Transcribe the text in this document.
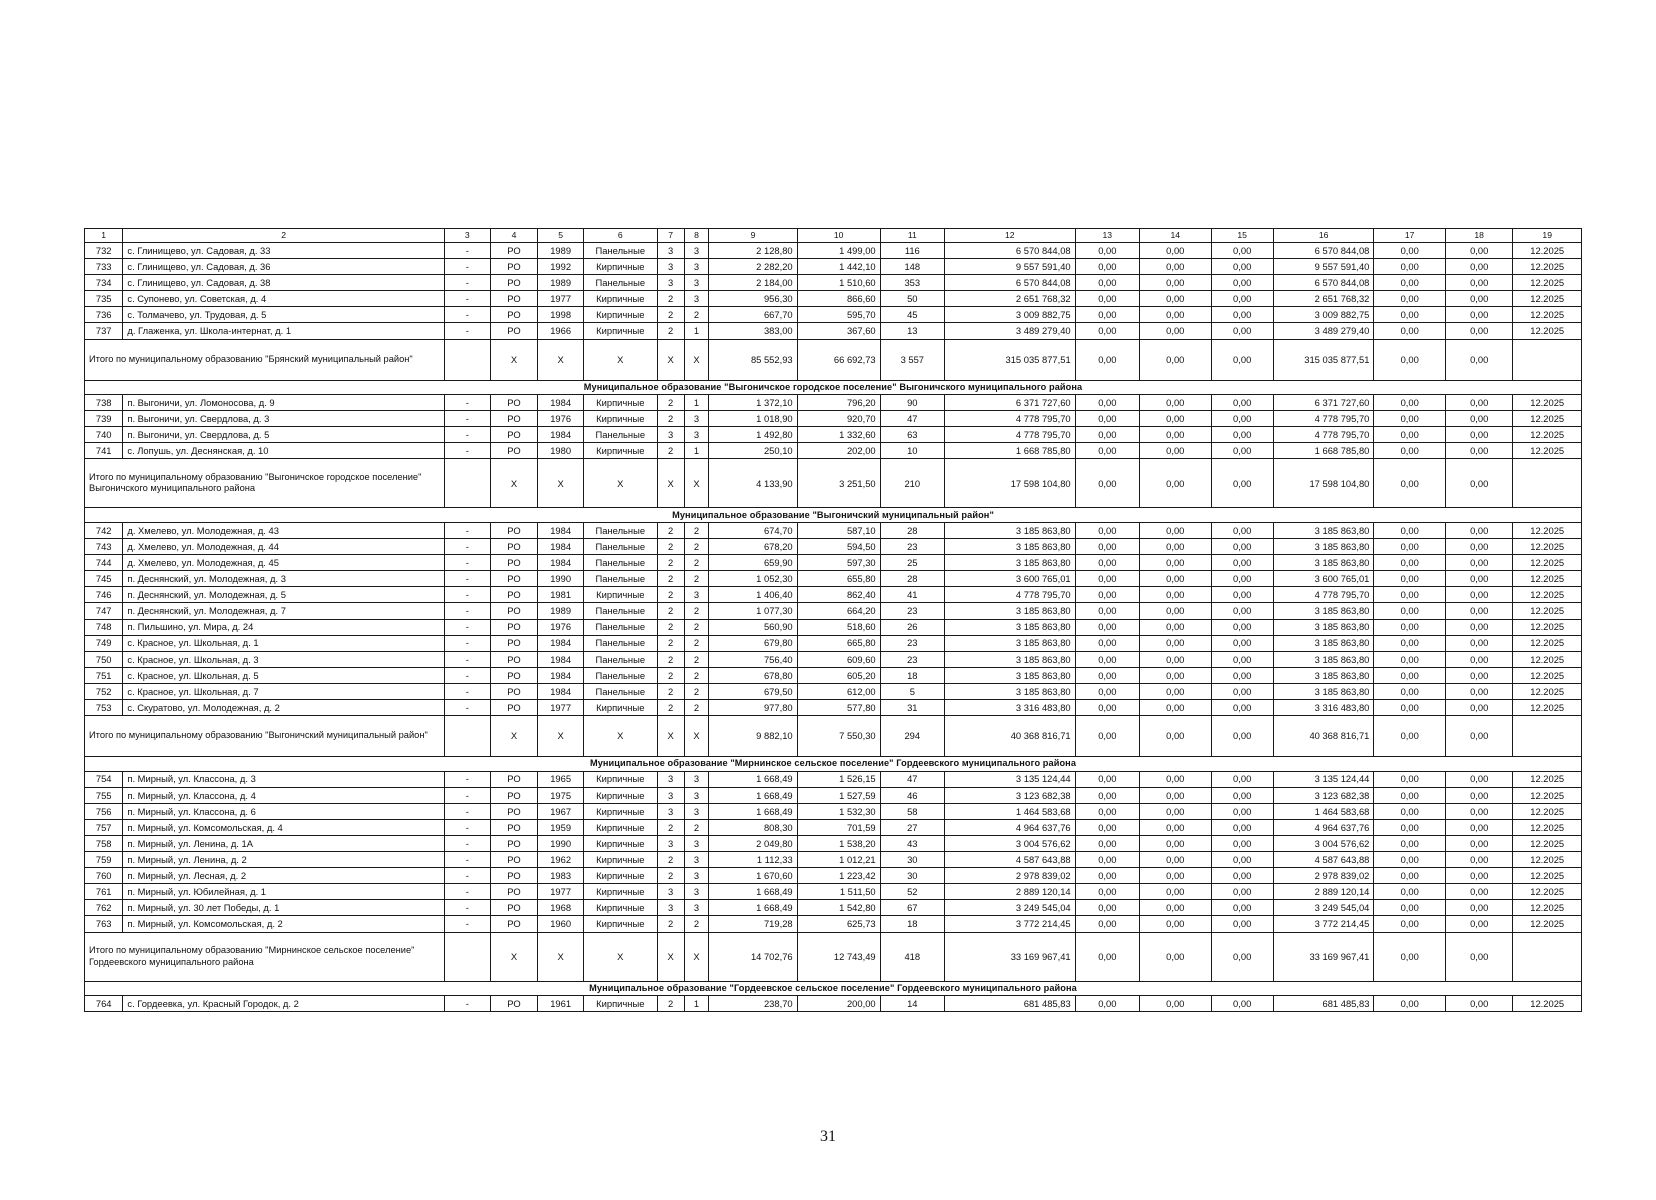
1	2	3	4	5	6	7	8	9	10	11	12	13	14	15	16	17	18	19
732	с. Глинищево, ул. Садовая, д. 33	-	РО	1989	Панельные	3	3	2 128,80	1 499,00	116	6 570 844,08	0,00	0,00	0,00	6 570 844,08	0,00	0,00	12.2025
733	с. Глинищево, ул. Садовая, д. 36	-	РО	1992	Кирпичные	3	3	2 282,20	1 442,10	148	9 557 591,40	0,00	0,00	0,00	9 557 591,40	0,00	0,00	12.2025
734	с. Глинищево, ул. Садовая, д. 38	-	РО	1989	Панельные	3	3	2 184,00	1 510,60	353	6 570 844,08	0,00	0,00	0,00	6 570 844,08	0,00	0,00	12.2025
735	с. Супонево, ул. Советская, д. 4	-	РО	1977	Кирпичные	2	3	956,30	866,60	50	2 651 768,32	0,00	0,00	0,00	2 651 768,32	0,00	0,00	12.2025
736	с. Толмачево, ул. Трудовая, д. 5	-	РО	1998	Кирпичные	2	2	667,70	595,70	45	3 009 882,75	0,00	0,00	0,00	3 009 882,75	0,00	0,00	12.2025
737	д. Глаженка, ул. Школа-интернат, д. 1	-	РО	1966	Кирпичные	2	1	383,00	367,60	13	3 489 279,40	0,00	0,00	0,00	3 489 279,40	0,00	0,00	12.2025
Итого по муниципальному образованию "Брянский муниципальный район"			X	X	X	X	X	85 552,93	66 692,73	3 557	315 035 877,51	0,00	0,00	0,00	315 035 877,51	0,00	0,00	
Муниципальное образование "Выгоничское городское поселение" Выгоничского муниципального района																		
738	п. Выгоничи, ул. Ломоносова, д. 9	-	РО	1984	Кирпичные	2	1	1 372,10	796,20	90	6 371 727,60	0,00	0,00	0,00	6 371 727,60	0,00	0,00	12.2025
739	п. Выгоничи, ул. Свердлова, д. 3	-	РО	1976	Кирпичные	2	3	1 018,90	920,70	47	4 778 795,70	0,00	0,00	0,00	4 778 795,70	0,00	0,00	12.2025
740	п. Выгоничи, ул. Свердлова, д. 5	-	РО	1984	Панельные	3	3	1 492,80	1 332,60	63	4 778 795,70	0,00	0,00	0,00	4 778 795,70	0,00	0,00	12.2025
741	с. Лопушь, ул. Деснянская, д. 10	-	РО	1980	Кирпичные	2	1	250,10	202,00	10	1 668 785,80	0,00	0,00	0,00	1 668 785,80	0,00	0,00	12.2025
Итого по муниципальному образованию "Выгоничское городское поселение" Выгоничского муниципального района			X	X	X	X	X	4 133,90	3 251,50	210	17 598 104,80	0,00	0,00	0,00	17 598 104,80	0,00	0,00	
Муниципальное образование "Выгоничский муниципальный район"																		
742	д. Хмелево, ул. Молодежная, д. 43	-	РО	1984	Панельные	2	2	674,70	587,10	28	3 185 863,80	0,00	0,00	0,00	3 185 863,80	0,00	0,00	12.2025
743	д. Хмелево, ул. Молодежная, д. 44	-	РО	1984	Панельные	2	2	678,20	594,50	23	3 185 863,80	0,00	0,00	0,00	3 185 863,80	0,00	0,00	12.2025
744	д. Хмелево, ул. Молодежная, д. 45	-	РО	1984	Панельные	2	2	659,90	597,30	25	3 185 863,80	0,00	0,00	0,00	3 185 863,80	0,00	0,00	12.2025
745	п. Деснянский, ул. Молодежная, д. 3	-	РО	1990	Панельные	2	2	1 052,30	655,80	28	3 600 765,01	0,00	0,00	0,00	3 600 765,01	0,00	0,00	12.2025
746	п. Деснянский, ул. Молодежная, д. 5	-	РО	1981	Кирпичные	2	3	1 406,40	862,40	41	4 778 795,70	0,00	0,00	0,00	4 778 795,70	0,00	0,00	12.2025
747	п. Деснянский, ул. Молодежная, д. 7	-	РО	1989	Панельные	2	2	1 077,30	664,20	23	3 185 863,80	0,00	0,00	0,00	3 185 863,80	0,00	0,00	12.2025
748	п. Пильшино, ул. Мира, д. 24	-	РО	1976	Панельные	2	2	560,90	518,60	26	3 185 863,80	0,00	0,00	0,00	3 185 863,80	0,00	0,00	12.2025
749	с. Красное, ул. Школьная, д. 1	-	РО	1984	Панельные	2	2	679,80	665,80	23	3 185 863,80	0,00	0,00	0,00	3 185 863,80	0,00	0,00	12.2025
750	с. Красное, ул. Школьная, д. 3	-	РО	1984	Панельные	2	2	756,40	609,60	23	3 185 863,80	0,00	0,00	0,00	3 185 863,80	0,00	0,00	12.2025
751	с. Красное, ул. Школьная, д. 5	-	РО	1984	Панельные	2	2	678,80	605,20	18	3 185 863,80	0,00	0,00	0,00	3 185 863,80	0,00	0,00	12.2025
752	с. Красное, ул. Школьная, д. 7	-	РО	1984	Панельные	2	2	679,50	612,00	5	3 185 863,80	0,00	0,00	0,00	3 185 863,80	0,00	0,00	12.2025
753	с. Скуратово, ул. Молодежная, д. 2	-	РО	1977	Кирпичные	2	2	977,80	577,80	31	3 316 483,80	0,00	0,00	0,00	3 316 483,80	0,00	0,00	12.2025
Итого по муниципальному образованию "Выгоничский муниципальный район"			X	X	X	X	X	9 882,10	7 550,30	294	40 368 816,71	0,00	0,00	0,00	40 368 816,71	0,00	0,00	
Муниципальное образование "Мирнинское сельское поселение" Гордеевского муниципального района																		
754	п. Мирный, ул. Классона, д. 3	-	РО	1965	Кирпичные	3	3	1 668,49	1 526,15	47	3 135 124,44	0,00	0,00	0,00	3 135 124,44	0,00	0,00	12.2025
755	п. Мирный, ул. Классона, д. 4	-	РО	1975	Кирпичные	3	3	1 668,49	1 527,59	46	3 123 682,38	0,00	0,00	0,00	3 123 682,38	0,00	0,00	12.2025
756	п. Мирный, ул. Классона, д. 6	-	РО	1967	Кирпичные	3	3	1 668,49	1 532,30	58	1 464 583,68	0,00	0,00	0,00	1 464 583,68	0,00	0,00	12.2025
757	п. Мирный, ул. Комсомольская, д. 4	-	РО	1959	Кирпичные	2	2	808,30	701,59	27	4 964 637,76	0,00	0,00	0,00	4 964 637,76	0,00	0,00	12.2025
758	п. Мирный, ул. Ленина, д. 1А	-	РО	1990	Кирпичные	3	3	2 049,80	1 538,20	43	3 004 576,62	0,00	0,00	0,00	3 004 576,62	0,00	0,00	12.2025
759	п. Мирный, ул. Ленина, д. 2	-	РО	1962	Кирпичные	2	3	1 112,33	1 012,21	30	4 587 643,88	0,00	0,00	0,00	4 587 643,88	0,00	0,00	12.2025
760	п. Мирный, ул. Лесная, д. 2	-	РО	1983	Кирпичные	2	3	1 670,60	1 223,42	30	2 978 839,02	0,00	0,00	0,00	2 978 839,02	0,00	0,00	12.2025
761	п. Мирный, ул. Юбилейная, д. 1	-	РО	1977	Кирпичные	3	3	1 668,49	1 511,50	52	2 889 120,14	0,00	0,00	0,00	2 889 120,14	0,00	0,00	12.2025
762	п. Мирный, ул. 30 лет Победы, д. 1	-	РО	1968	Кирпичные	3	3	1 668,49	1 542,80	67	3 249 545,04	0,00	0,00	0,00	3 249 545,04	0,00	0,00	12.2025
763	п. Мирный, ул. Комсомольская, д. 2	-	РО	1960	Кирпичные	2	2	719,28	625,73	18	3 772 214,45	0,00	0,00	0,00	3 772 214,45	0,00	0,00	12.2025
Итого по муниципальному образованию "Мирнинское сельское поселение" Гордеевского муниципального района			X	X	X	X	X	14 702,76	12 743,49	418	33 169 967,41	0,00	0,00	0,00	33 169 967,41	0,00	0,00	
Муниципальное образование "Гордеевское сельское поселение" Гордеевского муниципального района																		
764	с. Гордеевка, ул. Красный Городок, д. 2	-	РО	1961	Кирпичные	2	1	238,70	200,00	14	681 485,83	0,00	0,00	0,00	681 485,83	0,00	0,00	12.2025
31
